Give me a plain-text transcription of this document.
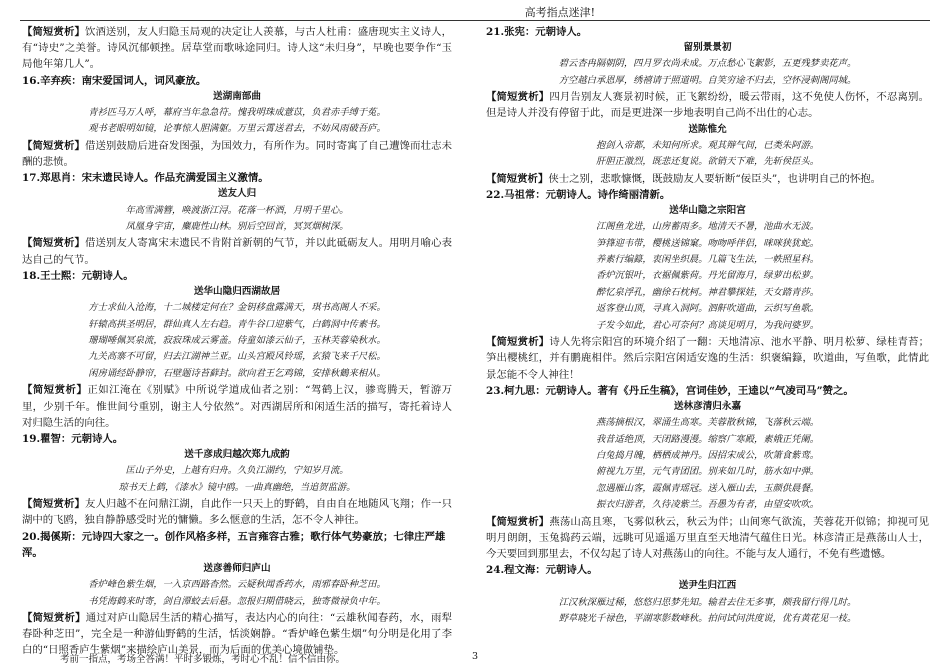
高考指点迷津!
【简短赏析】饮酒送别，友人归隐玉局观的决定让人羡慕，与古人杜甫：盛唐现实主义诗人，有“诗史”之美誉。诗风沉郁顿挫。居草堂而歌咏途同归。诗人这“未归身”，早晚也要争作“玉局他年第几人”。
16.辛弃疾：南宋爱国词人，词风豪放。
送湖南部曲
青衫匹马万人呼，幕府当年急急符。愧我明珠成薏苡，负君赤手缚于菟。
观书老眼明如镜，论事惊人胆满躯。万里云霄送君去，不妨风雨破吾庐。
【简短赏析】借送别鼓励后进奋发图强，为国效力，有所作为。同时寄寓了自己遭馋而壮志未酬的悲愤。
17.郑思肖：宋末遗民诗人。作品充满爱国主义激情。
送友人归
年高雪满簪，唤渡浙江浔。花落一杯酒，月明千里心。
凤凰身宇宙，麋鹿性山林。别后空回首，冥冥烟树深。
【简短赏析】借送别友人寄寓宋末遗民不肯附首新朝的气节，并以此砥砺友人。用明月喻心表达自己的气节。
18.王士熙：元朝诗人。
送华山隐归西湖故居
方士求仙入沧海，十二城楼定何在？金钥移盘露满天，琪书高阁人不采。
轩辕高拱圣明居，群仙真人左右趋。青牛谷口迎紫气，白鹤洞中传素书。
珊瑚唾佩冥泉流，寂寂珠成云雾盖。侍童如漆云仙子，玉林芙蓉染秋水。
九关高寨不可留，归去江湖神兰亚。山头宫殿风铃瑶，玄猿飞来千尺松。
闲房诵经卧静帘，石壁题诗苔藓封。欲向君王乞鸡锦，安排秋鶴来相从。
【简短赏析】正如江淹在《别赋》中所说学道成仙者之别：“驾鹤上汉，骖鸾腾天，暂游万里，少别千年。惟世间兮重别，谢主人兮依然”。对西湖居所和闲适生活的描写，寄托着诗人对归隐生活的向往。
19.瞿智：元朝诗人。
送千彦成归越次郑九成韵
匡山子外史，上越有归舟。久负江湖约，宁知岁月流。
琼书天上鹤，《漆水》镜中鸥。一曲真幽绝，当追贺监游。
【简短赏析】友人归越不在问鼎江湖，自此作一只天上的野鹤，自由自在地随风飞翔；作一只湖中的飞鸥，独自静静感受时光的慵懒。多么惬意的生活，怎不令人神往。
20.揭傒斯：元诗四大家之一。创作风格多样，五言雍容古雅；歌行体气势豪放；七律庄严雄浑。
送彦善师归庐山
香炉峰色紫生烟，一入京西路杳然。云疑秋闻香药水，雨邪春卧种芝田。
书凭海鹤来时寄，剑自潭蛟去后悬。忽报归期借晓云，独寄微禄负中年。
【简短赏析】通过对庐山隐居生活的精心描写，表达内心的向往：“云雄秋闻春药，水，雨犁春卧种芝田”，完全是一种游仙野鹤的生活，恬淡娴静。“香炉峰色紫生烟”句分明是化用了李白的“日照香庐生紫烟”来描绘庐山美景，而为后面的优美心境做铺垫。
21.张宪：元朝诗人。
留别景景初
碧云杏冉隔朝阴，四月罗衣尚未成。万点愁心飞絮影，五更残梦卖花声。
方空越白承恩厚，绣禧请于照道明。自笑穷途不归去，空怀浸刺阁同城。
【简短赏析】四月告别友人赛景初时候，正飞絮纷纷，暖云带雨，这不免使人伤怀，不忍离别。但是诗人并没有停留于此，而是更进深一步地表明自己尚不出仕的心志。
送陈惟允
抱剑入帝都，未知何所求。观其辩气间，已类朱阿游。
肝胆正激烈，既悲还复说。欲销天下难，先斩侯臣头。
【简短赏析】侠士之别，悲歌慷慨，既鼓励友人要斩断“佞臣头”，也讲明自己的怀抱。
22.马祖常：元朝诗人。诗作绮丽清新。
送华山隐之宗阳宫
江阁鱼龙进，山房蓄雨多。地清天不暑，池曲水无波。
笋箨迎韦带，樱桃送锦窠。吻吻呼伴侣，咪咪狭犹蛇。
养素行编籙，衷闲坐织晨。几篇飞生法，一帙照星科。
香炉沉银叶，衣裾佩紫荷。丹光留海月，绿萝出松萝。
醉忆泉浮孔，幽徐石枕柯。神君攀探娃，天女踏青莎。
返客登山顶，寻真入洞阿。泗鼾吹道曲，云织写鱼歌。
子发今如此，君心可奈何？高谈见明月，为我问婆罗。
【简短赏析】诗人先将宗阳宫的环境介绍了一翻：天地清凉、池水平静、明月松萝、绿桂青苔；笋出樱桃红，并有鹏鹿相伴。然后宗阳宫闲适安逸的生活：织褒编籙，吹道曲，写鱼歌，此情此景怎能不令人神往！
23.柯九思：元朝诗人。著有《丹丘生稿》，宫词佳妙，王逵以“气凌司马”赞之。
送林彦清归永嘉
燕荡摘根汉，翠涌生高寒。芙蓉散秋锦，飞落秋云端。
我昔适绝顶，天闭路漫漫。缩察广寒殿，素娥正凭阑。
白兔捣月魄，栖栖成神丹。因招宋成公，吹箫食紫鸾。
俯视九万里，元气青团团。别来如几时，筋水如中弹。
忽遇雁山客，霞佩青瑶冠。送入雁山去，玉颜供晨餐。
振衣归游者，久待凌紫兰。吾愚为有者，由望安吹吹。
【简短赏析】燕荡山高且寒，飞雾似秋云，秋云为伴；山间寒气欲流，芙蓉花开似锦；抑视可见明月朗朗，玉兔捣药云端，远眺可见遥遥万里直至天地清气蕴住日光。林彦清正是燕荡山人士，今天要回到那里去，不仅勾起了诗人对燕荡山的向往。不能与友人通行，不免有些遗憾。
24.程文海：元朝诗人。
送尹生归江西
江汉秋深雁过稀，悠悠归思梦先知。输君去住无多事，颇我留行得几时。
野草晓光千禄色，平湖寒影数峰秋。拍问试问洪度说，优有黄花见一枝。
考前一指点，考场全答满！平时多锻炼，考时心不乱！信不信由你。	3
